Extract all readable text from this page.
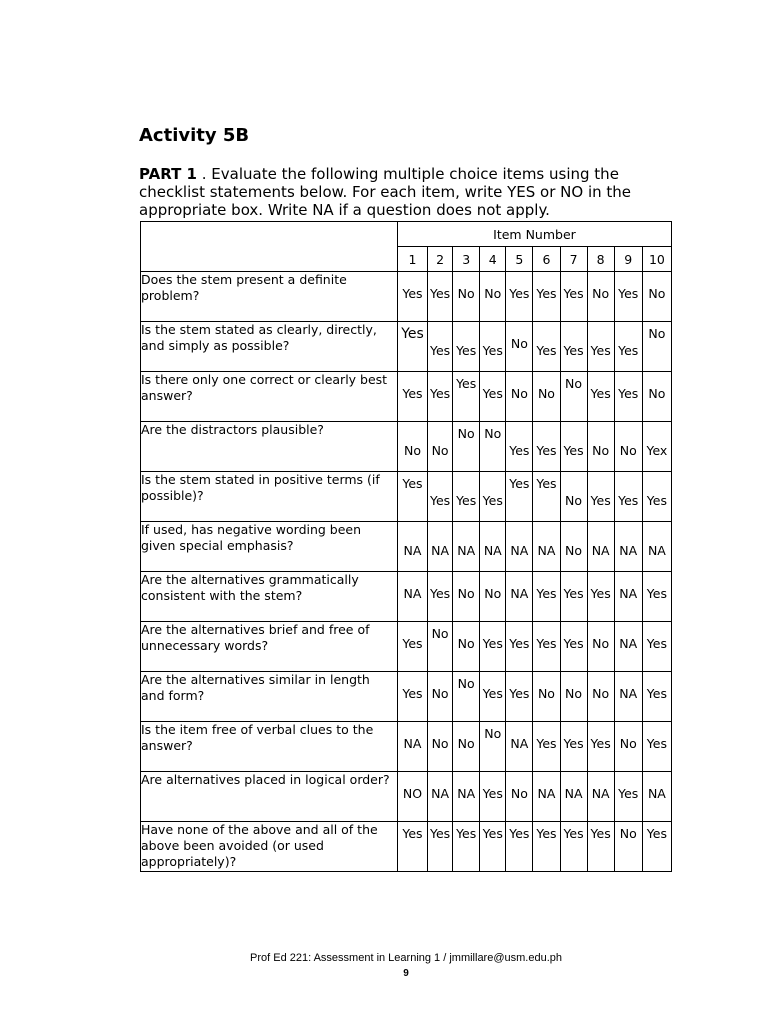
Activity 5B

PART 1 . Evaluate the following multiple choice items using the checklist statements below. For each item, write YES or NO in the appropriate box. Write NA if a question does not apply.

	Item Number									
	1	2	3	4	5	6	7	8	9	10
Does the stem present a definite problem?	Yes	Yes	No	No	Yes	Yes	Yes	No	Yes	No

Is the stem stated as clearly, directly, and simply as possible?	Yes	Yes	Yes	Yes	No	Yes	Yes	Yes	Yes	No

Is there only one correct or clearly best answer?	Yes	Yes	Yes	Yes	No	No	No	Yes	Yes	No

Are the distractors plausible?	No	No	No	No	Yes	Yes	Yes	No	No	Yex

Is the stem stated in positive terms (if possible)?	Yes	Yes	Yes	Yes	Yes	Yes	No	Yes	Yes	Yes

If used, has negative wording been given special emphasis?	NA	NA	NA	NA	NA	NA	No	NA	NA	NA

Are the alternatives grammatically consistent with the stem?	NA	Yes	No	No	NA	Yes	Yes	Yes	NA	Yes

Are the alternatives brief and free of unnecessary words?	Yes	No	No	Yes	Yes	Yes	Yes	No	NA	Yes

Are the alternatives similar in length and form?	Yes	No	No	Yes	Yes	No	No	No	NA	Yes

Is the item free of verbal clues to the answer?	NA	No	No	No	NA	Yes	Yes	Yes	No	Yes

Are alternatives placed in logical order?	NO	NA	NA	Yes	No	NA	NA	NA	Yes	NA

Have none of the above and all of the above been avoided (or used appropriately)?	Yes	Yes	Yes	Yes	Yes	Yes	Yes	Yes	No	Yes
Prof Ed 221: Assessment in Learning 1 / jmmillare@usm.edu.ph
9
